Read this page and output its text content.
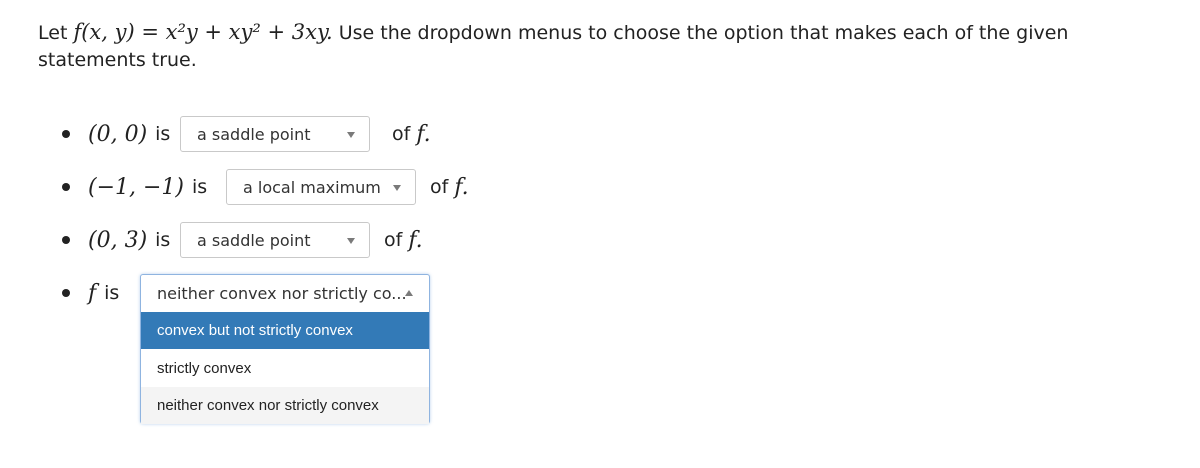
Let f(x, y) = x²y + xy² + 3xy. Use the dropdown menus to choose the option that makes each of the given statements true.
(0, 0) is a saddle point	of f.
(−1, −1) is a local maximum	of f.
(0, 3) is a saddle point	of f.
f is neither convex nor strictly co...
convex but not strictly convex
strictly convex
neither convex nor strictly convex
